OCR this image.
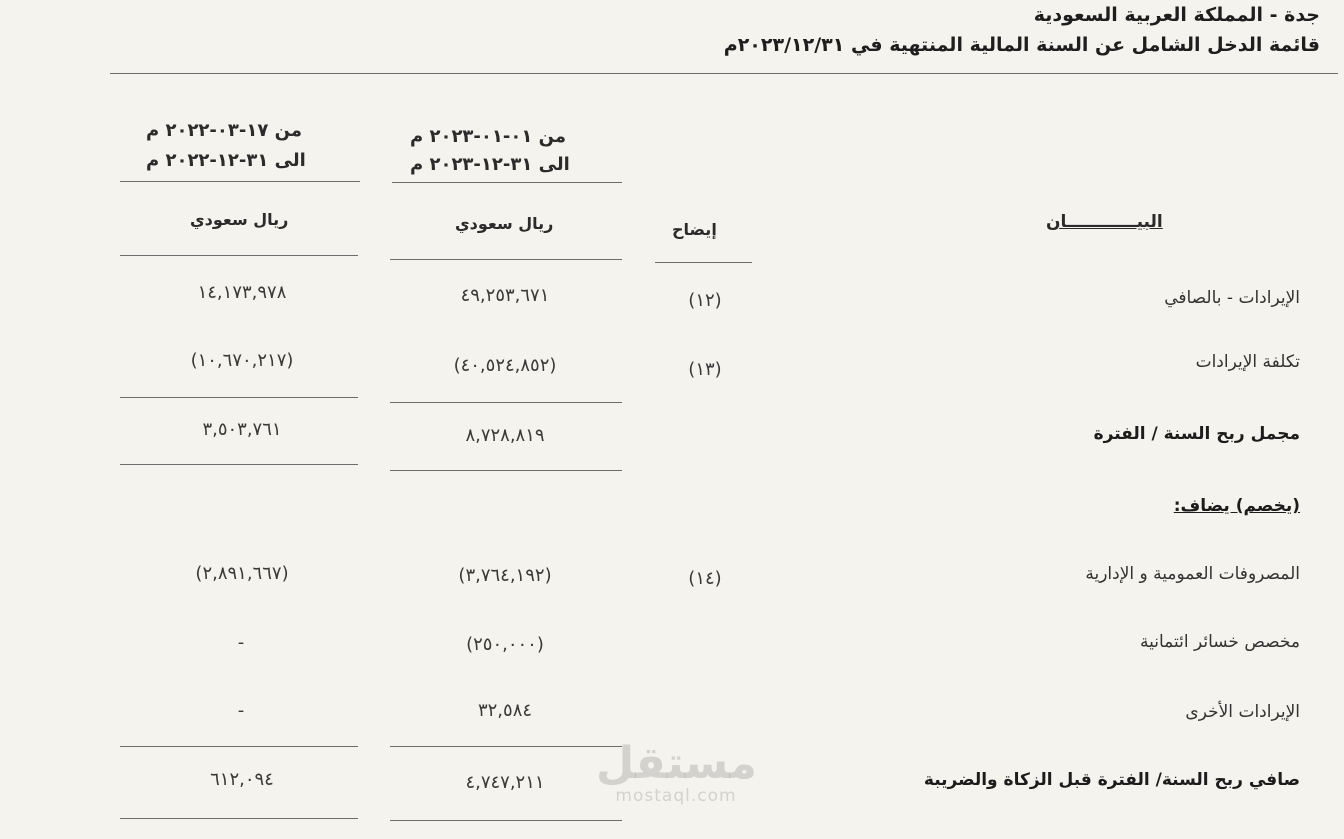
جدة - المملكة العربية السعودية
قائمة الدخل الشامل عن السنة المالية المنتهية في ٢٠٢٣/١٢/٣١م
من ٠١-٠١-٢٠٢٣ م
الى ٣١-١٢-٢٠٢٣ م
من ١٧-٠٣-٢٠٢٢ م
الى ٣١-١٢-٢٠٢٢ م
البيــــــــــــان
إيضاح
ريال سعودي
ريال سعودي
الإيرادات - بالصافي
(١٢)
٤٩,٢٥٣,٦٧١
١٤,١٧٣,٩٧٨
تكلفة الإيرادات
(١٣)
(٤٠,٥٢٤,٨٥٢)
(١٠,٦٧٠,٢١٧)
مجمل ربح السنة / الفترة
٨,٧٢٨,٨١٩
٣,٥٠٣,٧٦١
(يخصم) يضاف:
المصروفات العمومية و الإدارية
(١٤)
(٣,٧٦٤,١٩٢)
(٢,٨٩١,٦٦٧)
مخصص خسائر ائتمانية
(٢٥٠,٠٠٠)
-
الإيرادات الأخرى
٣٢,٥٨٤
-
صافي ربح السنة/ الفترة قبل الزكاة والضريبة
٤,٧٤٧,٢١١
٦١٢,٠٩٤	مستقل
mostaql.com
